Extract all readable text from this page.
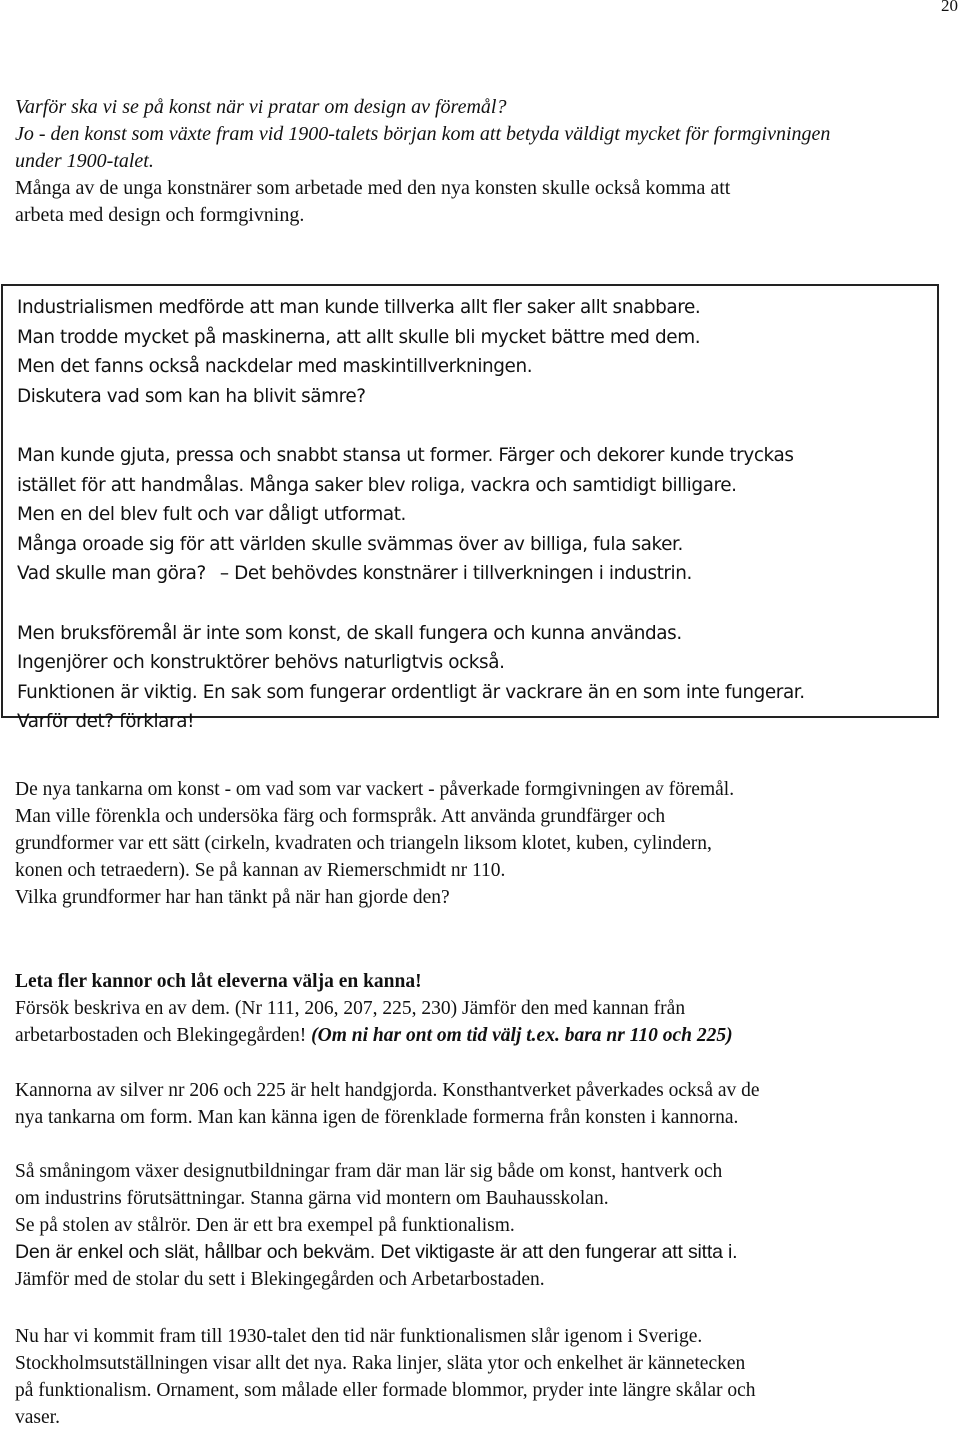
20

Varför ska vi se på konst när vi pratar om design av föremål?

Jo - den konst som växte fram vid 1900-talets början kom att betyda väldigt mycket för formgivningen

under 1900-talet.

Många av de unga konstnärer som arbetade med den nya konsten skulle också komma att

arbeta med design och formgivning.

Industrialismen medförde att man kunde tillverka allt fler saker allt snabbare.

Man trodde mycket på maskinerna, att allt skulle bli mycket bättre med dem.

Men det fanns också nackdelar med maskintillverkningen.

Diskutera vad som kan ha blivit sämre?

Man kunde gjuta, pressa och snabbt stansa ut former. Färger och dekorer kunde tryckas

istället för att handmålas. Många saker blev roliga, vackra och samtidigt billigare.

Men en del blev fult och var dåligt utformat.

Många oroade sig för att världen skulle svämmas över av billiga, fula saker.

Vad skulle man göra? – Det behövdes konstnärer i tillverkningen i industrin.

Men bruksföremål är inte som konst, de skall fungera och kunna användas.

Ingenjörer och konstruktörer behövs naturligtvis också.

Funktionen är viktig. En sak som fungerar ordentligt är vackrare än en som inte fungerar.

Varför det? förklara!

De nya tankarna om konst - om vad som var vackert - påverkade formgivningen av föremål.

Man ville förenkla och undersöka färg och formspråk. Att använda grundfärger och

grundformer var ett sätt (cirkeln, kvadraten och triangeln liksom klotet, kuben, cylindern,

konen och tetraedern). Se på kannan av Riemerschmidt nr 110.

Vilka grundformer har han tänkt på när han gjorde den?

Leta fler kannor och låt eleverna välja en kanna!

Försök beskriva en av dem. (Nr 111, 206, 207, 225, 230) Jämför den med kannan från

arbetarbostaden och Blekingegården! (Om ni har ont om tid välj t.ex. bara nr 110 och 225)

Kannorna av silver nr 206 och 225 är helt handgjorda. Konsthantverket påverkades också av de

nya tankarna om form. Man kan känna igen de förenklade formerna från konsten i kannorna.

Så småningom växer designutbildningar fram där man lär sig både om konst, hantverk och

om industrins förutsättningar. Stanna gärna vid montern om Bauhausskolan.

Se på stolen av stålrör. Den är ett bra exempel på funktionalism.

Den är enkel och slät, hållbar och bekväm. Det viktigaste är att den fungerar att sitta i.

Jämför med de stolar du sett i Blekingegården och Arbetarbostaden.

Nu har vi kommit fram till 1930-talet den tid när funktionalismen slår igenom i Sverige.

Stockholmsutställningen visar allt det nya. Raka linjer, släta ytor och enkelhet är kännetecken

på funktionalism. Ornament, som målade eller formade blommor, pryder inte längre skålar och

vaser.
